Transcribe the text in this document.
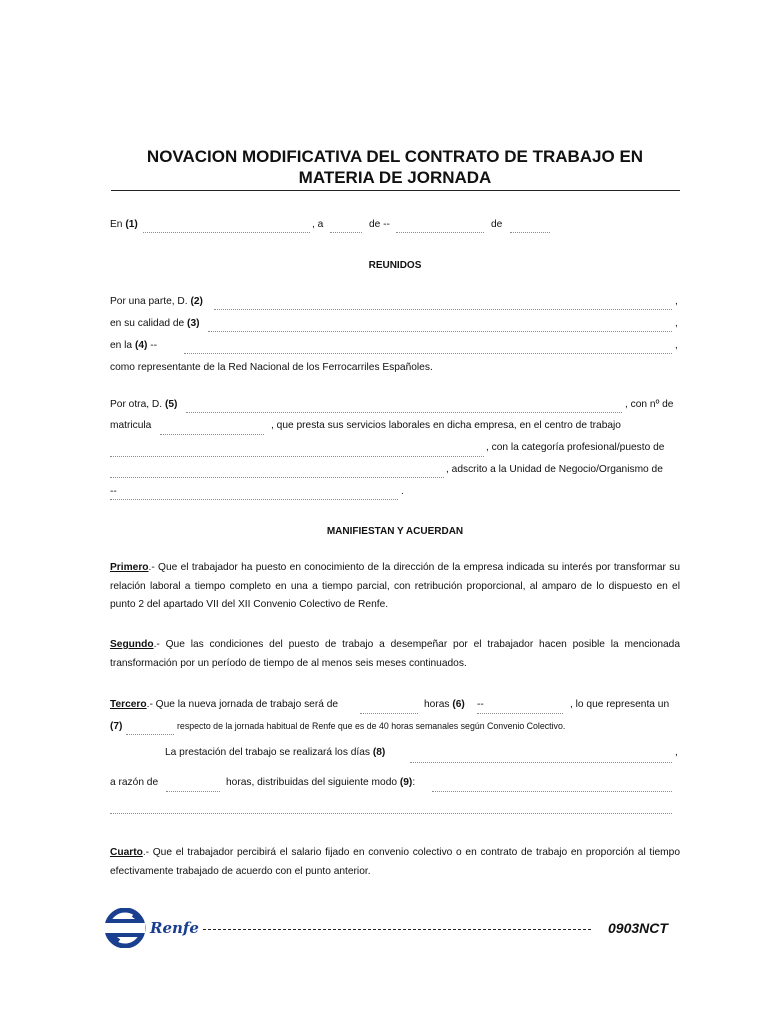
NOVACION MODIFICATIVA DEL CONTRATO DE TRABAJO EN
MATERIA DE JORNADA
En (1)	, a	de --	de
REUNIDOS
Por una parte, D. (2)	,
en su calidad de (3)	,
en la (4) --	,
como representante de la Red Nacional de los Ferrocarriles Españoles.
Por otra, D. (5)	, con nº de
matricula	, que presta sus servicios laborales en dicha empresa, en el centro de trabajo
, con la categoría profesional/puesto de
, adscrito a la Unidad de Negocio/Organismo de
--	.
MANIFIESTAN Y ACUERDAN
Primero.- Que el trabajador ha puesto en conocimiento de la dirección de la empresa indicada su interés por transformar su relación laboral a tiempo completo en una a tiempo parcial, con retribución proporcional, al amparo de lo dispuesto en el punto 2 del apartado VII del XII Convenio Colectivo de Renfe.
Segundo.- Que las condiciones del puesto de trabajo a desempeñar por el trabajador hacen posible la mencionada transformación por un período de tiempo de al menos seis meses continuados.
Tercero.- Que la nueva jornada de trabajo será de	horas (6) --	, lo que representa un
(7)	respecto de la jornada habitual de Renfe que es de 40 horas semanales según Convenio Colectivo.
La prestación del trabajo se realizará los días (8)	,
a razón de	horas, distribuidas del siguiente modo (9):
Cuarto.- Que el trabajador percibirá el salario fijado en convenio colectivo o en contrato de trabajo en proporción al tiempo efectivamente trabajado de acuerdo con el punto anterior.
Renfe	0903NCT
